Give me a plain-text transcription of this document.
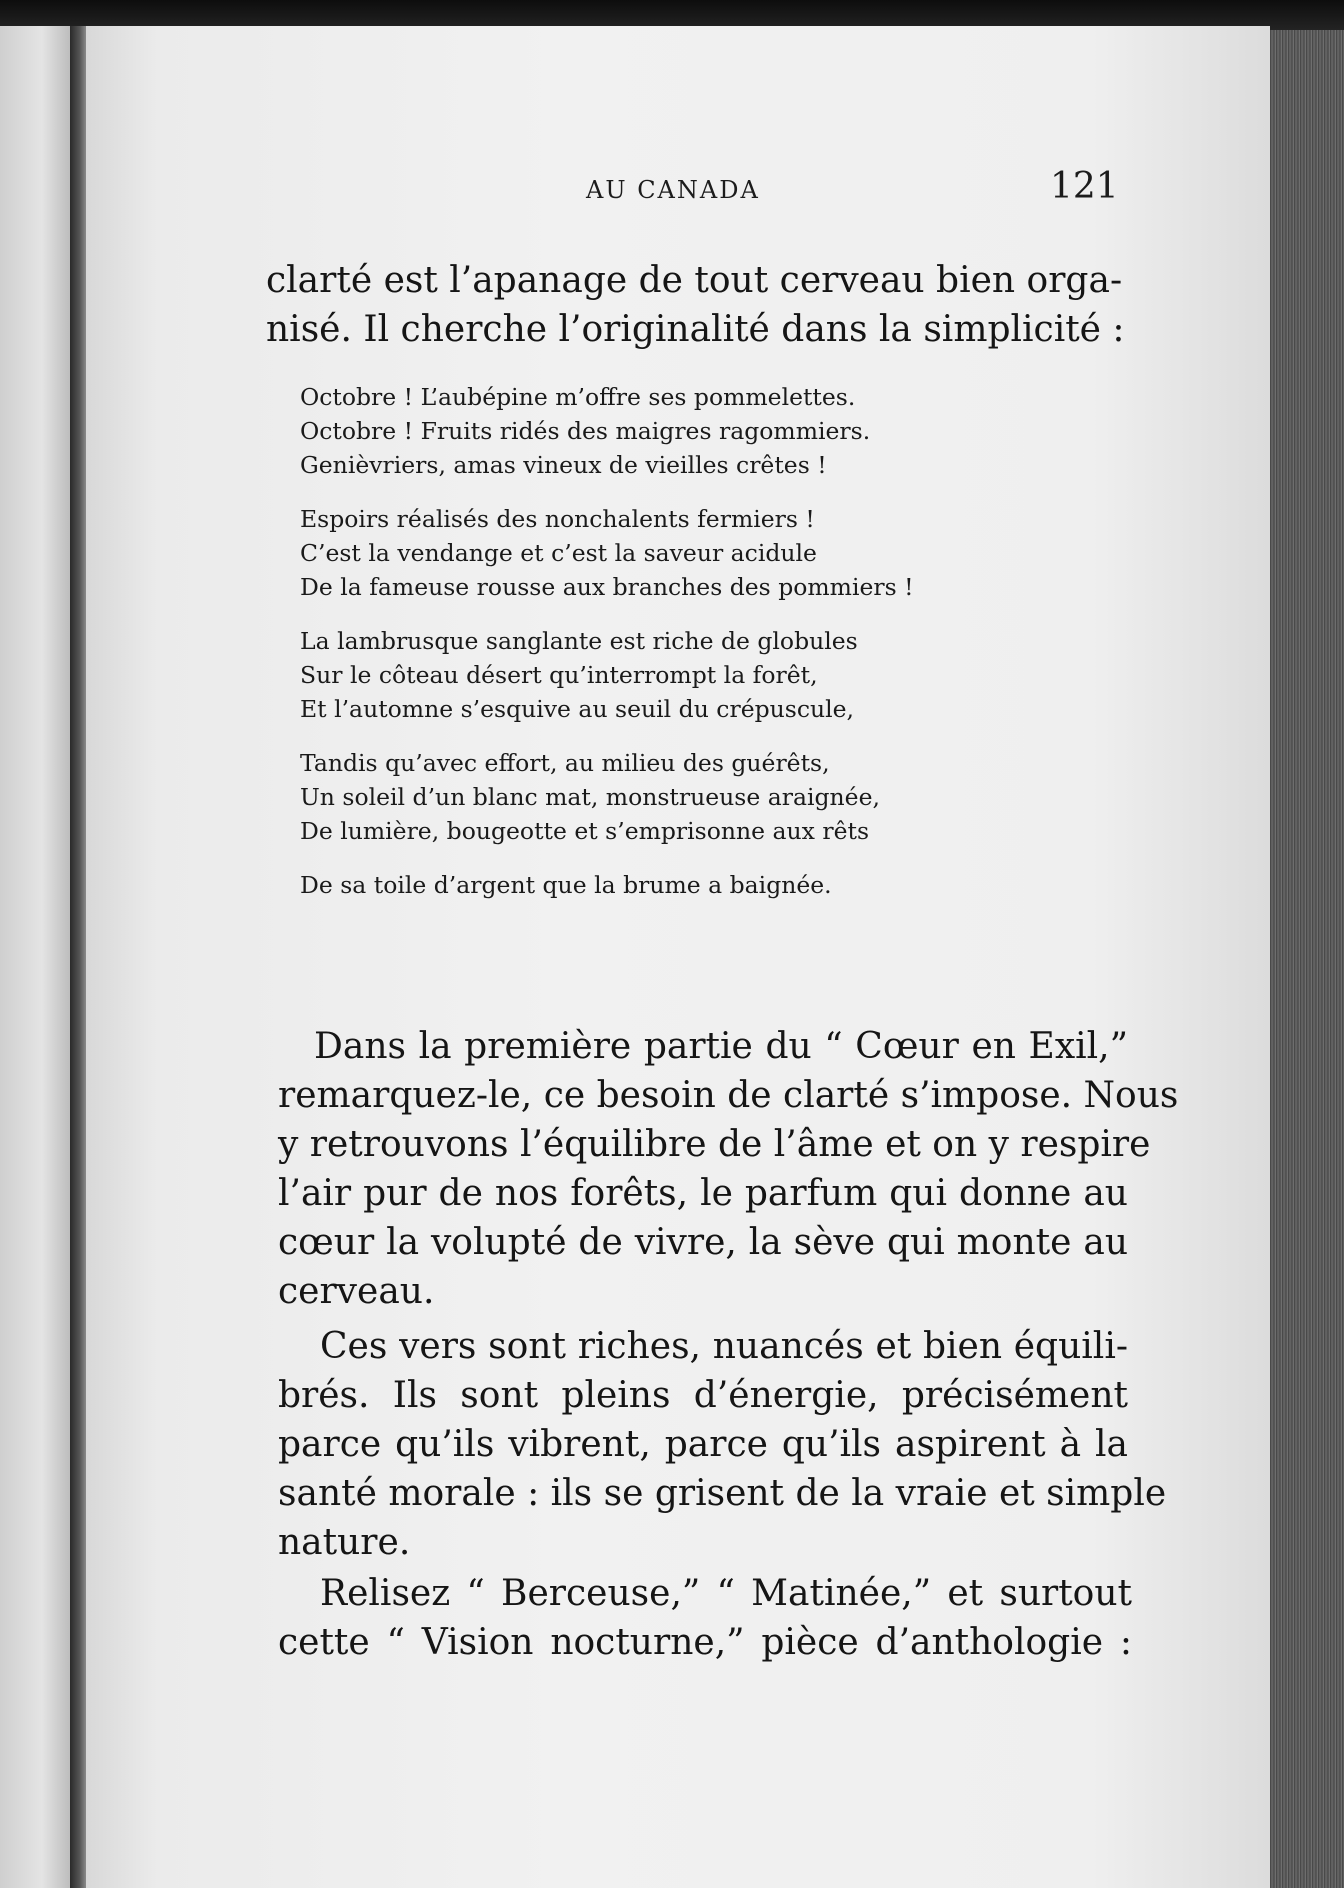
AU CANADA	121

clarté est l’apanage de tout cerveau bien orga-
nisé. Il cherche l’originalité dans la simplicité :

Octobre ! L’aubépine m’offre ses pommelettes.
Octobre ! Fruits ridés des maigres ragommiers.
Genièvriers, amas vineux de vieilles crêtes !
Espoirs réalisés des nonchalents fermiers !
C’est la vendange et c’est la saveur acidule
De la fameuse rousse aux branches des pommiers !
La lambrusque sanglante est riche de globules
Sur le côteau désert qu’interrompt la forêt,
Et l’automne s’esquive au seuil du crépuscule,
Tandis qu’avec effort, au milieu des guérêts,
Un soleil d’un blanc mat, monstrueuse araignée,
De lumière, bougeotte et s’emprisonne aux rêts
De sa toile d’argent que la brume a baignée.

Dans la première partie du “ Cœur en Exil,”
remarquez-le, ce besoin de clarté s’impose. Nous
y retrouvons l’équilibre de l’âme et on y respire
l’air pur de nos forêts, le parfum qui donne au
cœur la volupté de vivre, la sève qui monte au
cerveau.

Ces vers sont riches, nuancés et bien équili-
brés. Ils sont pleins d’énergie, précisément
parce qu’ils vibrent, parce qu’ils aspirent à la
santé morale : ils se grisent de la vraie et simple
nature.

Relisez “ Berceuse,” “ Matinée,” et surtout
cette “ Vision nocturne,” pièce d’anthologie :
